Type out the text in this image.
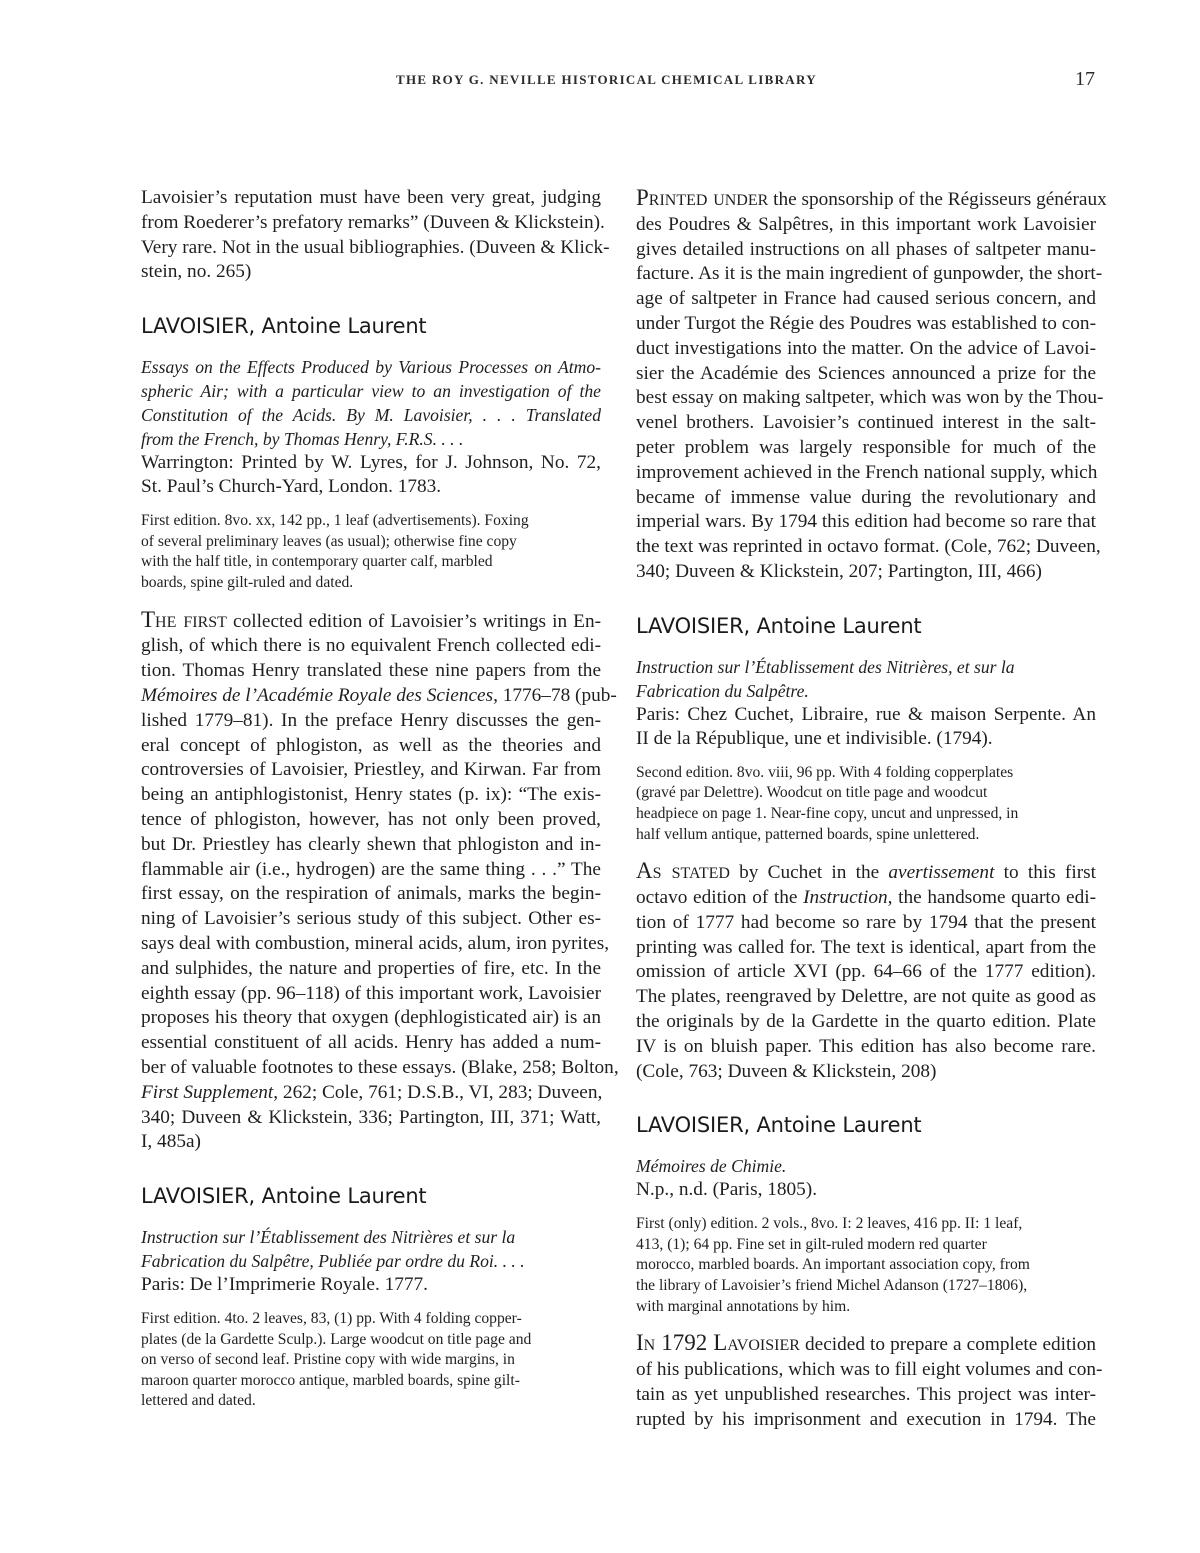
THE ROY G. NEVILLE HISTORICAL CHEMICAL LIBRARY	17
Lavoisier’s reputation must have been very great, judging
from Roederer’s prefatory remarks” (Duveen & Klickstein).
Very rare. Not in the usual bibliographies. (Duveen & Klick-
stein, no. 265)
LAVOISIER, Antoine Laurent
Essays on the Effects Produced by Various Processes on Atmo-
spheric Air; with a particular view to an investigation of the
Constitution of the Acids. By M. Lavoisier, . . . Translated
from the French, by Thomas Henry, F.R.S. . . .
Warrington: Printed by W. Lyres, for J. Johnson, No. 72,
St. Paul’s Church-Yard, London. 1783.
First edition. 8vo. xx, 142 pp., 1 leaf (advertisements). Foxing
of several preliminary leaves (as usual); otherwise fine copy
with the half title, in contemporary quarter calf, marbled
boards, spine gilt-ruled and dated.
The first collected edition of Lavoisier’s writings in En-
glish, of which there is no equivalent French collected edi-
tion. Thomas Henry translated these nine papers from the
Mémoires de l’Académie Royale des Sciences, 1776–78 (pub-
lished 1779–81). In the preface Henry discusses the gen-
eral concept of phlogiston, as well as the theories and
controversies of Lavoisier, Priestley, and Kirwan. Far from
being an antiphlogistonist, Henry states (p. ix): “The exis-
tence of phlogiston, however, has not only been proved,
but Dr. Priestley has clearly shewn that phlogiston and in-
flammable air (i.e., hydrogen) are the same thing . . .” The
first essay, on the respiration of animals, marks the begin-
ning of Lavoisier’s serious study of this subject. Other es-
says deal with combustion, mineral acids, alum, iron pyrites,
and sulphides, the nature and properties of fire, etc. In the
eighth essay (pp. 96–118) of this important work, Lavoisier
proposes his theory that oxygen (dephlogisticated air) is an
essential constituent of all acids. Henry has added a num-
ber of valuable footnotes to these essays. (Blake, 258; Bolton,
First Supplement, 262; Cole, 761; D.S.B., VI, 283; Duveen,
340; Duveen & Klickstein, 336; Partington, III, 371; Watt,
I, 485a)
LAVOISIER, Antoine Laurent
Instruction sur l’Établissement des Nitrières et sur la
Fabrication du Salpêtre, Publiée par ordre du Roi. . . .
Paris: De l’Imprimerie Royale. 1777.
First edition. 4to. 2 leaves, 83, (1) pp. With 4 folding copper-
plates (de la Gardette Sculp.). Large woodcut on title page and
on verso of second leaf. Pristine copy with wide margins, in
maroon quarter morocco antique, marbled boards, spine gilt-
lettered and dated.
Printed under the sponsorship of the Régisseurs généraux
des Poudres & Salpêtres, in this important work Lavoisier
gives detailed instructions on all phases of saltpeter manu-
facture. As it is the main ingredient of gunpowder, the short-
age of saltpeter in France had caused serious concern, and
under Turgot the Régie des Poudres was established to con-
duct investigations into the matter. On the advice of Lavoi-
sier the Académie des Sciences announced a prize for the
best essay on making saltpeter, which was won by the Thou-
venel brothers. Lavoisier’s continued interest in the salt-
peter problem was largely responsible for much of the
improvement achieved in the French national supply, which
became of immense value during the revolutionary and
imperial wars. By 1794 this edition had become so rare that
the text was reprinted in octavo format. (Cole, 762; Duveen,
340; Duveen & Klickstein, 207; Partington, III, 466)
LAVOISIER, Antoine Laurent
Instruction sur l’Établissement des Nitrières, et sur la
Fabrication du Salpêtre.
Paris: Chez Cuchet, Libraire, rue & maison Serpente. An
II de la République, une et indivisible. (1794).
Second edition. 8vo. viii, 96 pp. With 4 folding copperplates
(gravé par Delettre). Woodcut on title page and woodcut
headpiece on page 1. Near-fine copy, uncut and unpressed, in
half vellum antique, patterned boards, spine unlettered.
As stated by Cuchet in the avertissement to this first
octavo edition of the Instruction, the handsome quarto edi-
tion of 1777 had become so rare by 1794 that the present
printing was called for. The text is identical, apart from the
omission of article XVI (pp. 64–66 of the 1777 edition).
The plates, reengraved by Delettre, are not quite as good as
the originals by de la Gardette in the quarto edition. Plate
IV is on bluish paper. This edition has also become rare.
(Cole, 763; Duveen & Klickstein, 208)
LAVOISIER, Antoine Laurent
Mémoires de Chimie.
N.p., n.d. (Paris, 1805).
First (only) edition. 2 vols., 8vo. I: 2 leaves, 416 pp. II: 1 leaf,
413, (1); 64 pp. Fine set in gilt-ruled modern red quarter
morocco, marbled boards. An important association copy, from
the library of Lavoisier’s friend Michel Adanson (1727–1806),
with marginal annotations by him.
In 1792 Lavoisier decided to prepare a complete edition
of his publications, which was to fill eight volumes and con-
tain as yet unpublished researches. This project was inter-
rupted by his imprisonment and execution in 1794. The
